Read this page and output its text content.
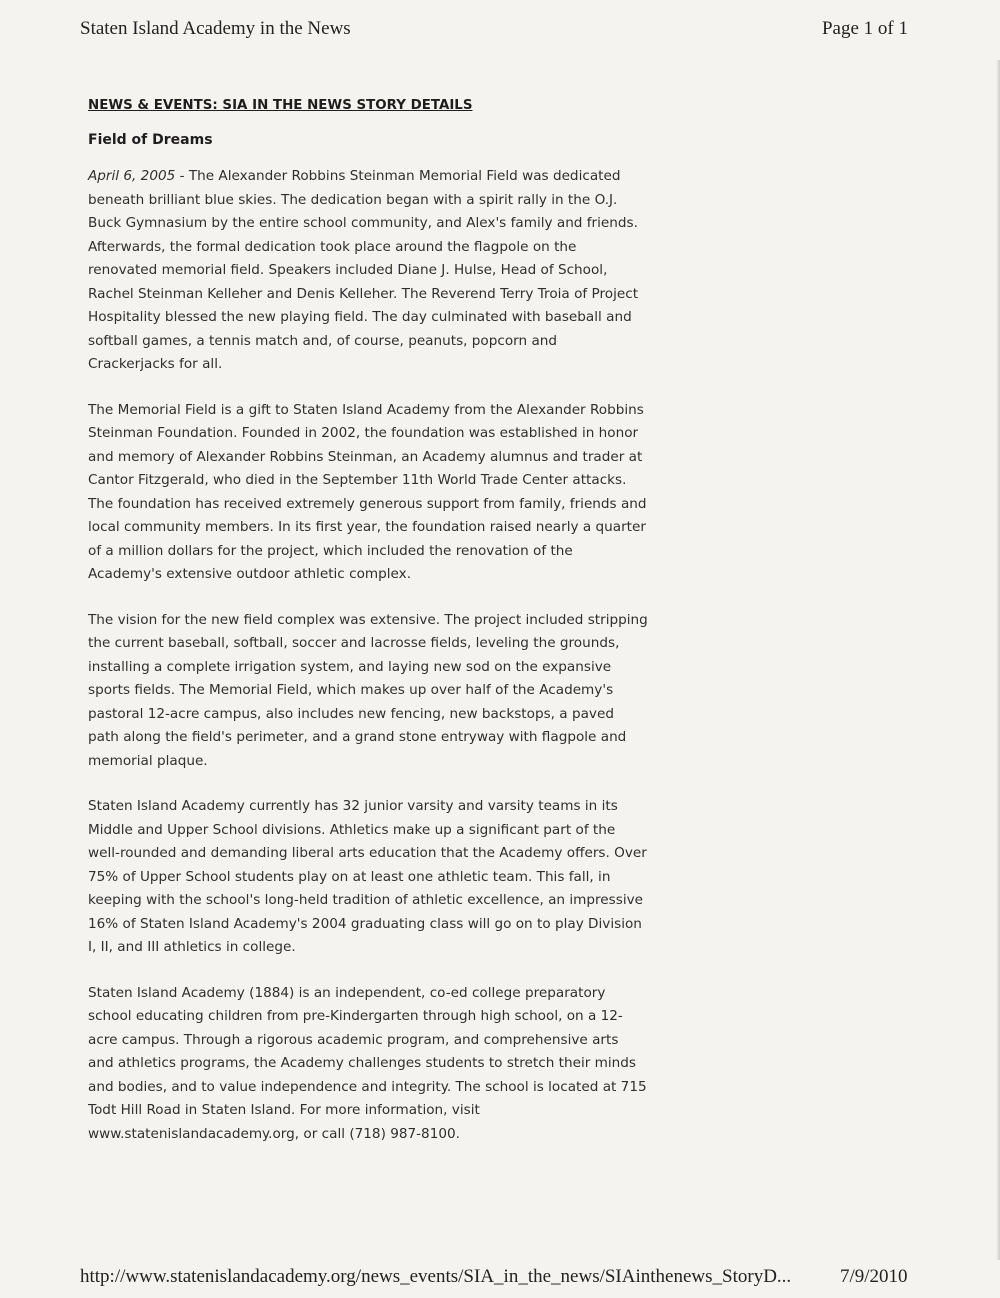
Staten Island Academy in the News	Page 1 of 1
NEWS & EVENTS: SIA IN THE NEWS STORY DETAILS
Field of Dreams

April 6, 2005 - The Alexander Robbins Steinman Memorial Field was dedicated beneath brilliant blue skies. The dedication began with a spirit rally in the O.J. Buck Gymnasium by the entire school community, and Alex's family and friends. Afterwards, the formal dedication took place around the flagpole on the renovated memorial field. Speakers included Diane J. Hulse, Head of School, Rachel Steinman Kelleher and Denis Kelleher. The Reverend Terry Troia of Project Hospitality blessed the new playing field. The day culminated with baseball and softball games, a tennis match and, of course, peanuts, popcorn and Crackerjacks for all.

The Memorial Field is a gift to Staten Island Academy from the Alexander Robbins Steinman Foundation. Founded in 2002, the foundation was established in honor and memory of Alexander Robbins Steinman, an Academy alumnus and trader at Cantor Fitzgerald, who died in the September 11th World Trade Center attacks. The foundation has received extremely generous support from family, friends and local community members. In its first year, the foundation raised nearly a quarter of a million dollars for the project, which included the renovation of the Academy's extensive outdoor athletic complex.

The vision for the new field complex was extensive. The project included stripping the current baseball, softball, soccer and lacrosse fields, leveling the grounds, installing a complete irrigation system, and laying new sod on the expansive sports fields. The Memorial Field, which makes up over half of the Academy's pastoral 12-acre campus, also includes new fencing, new backstops, a paved path along the field's perimeter, and a grand stone entryway with flagpole and memorial plaque.

Staten Island Academy currently has 32 junior varsity and varsity teams in its Middle and Upper School divisions. Athletics make up a significant part of the well-rounded and demanding liberal arts education that the Academy offers. Over 75% of Upper School students play on at least one athletic team. This fall, in keeping with the school's long-held tradition of athletic excellence, an impressive 16% of Staten Island Academy's 2004 graduating class will go on to play Division I, II, and III athletics in college.

Staten Island Academy (1884) is an independent, co-ed college preparatory school educating children from pre-Kindergarten through high school, on a 12-acre campus. Through a rigorous academic program, and comprehensive arts and athletics programs, the Academy challenges students to stretch their minds and bodies, and to value independence and integrity. The school is located at 715 Todt Hill Road in Staten Island. For more information, visit www.statenislandacademy.org, or call (718) 987-8100.

http://www.statenislandacademy.org/news_events/SIA_in_the_news/SIAinthenews_StoryD...	7/9/2010
